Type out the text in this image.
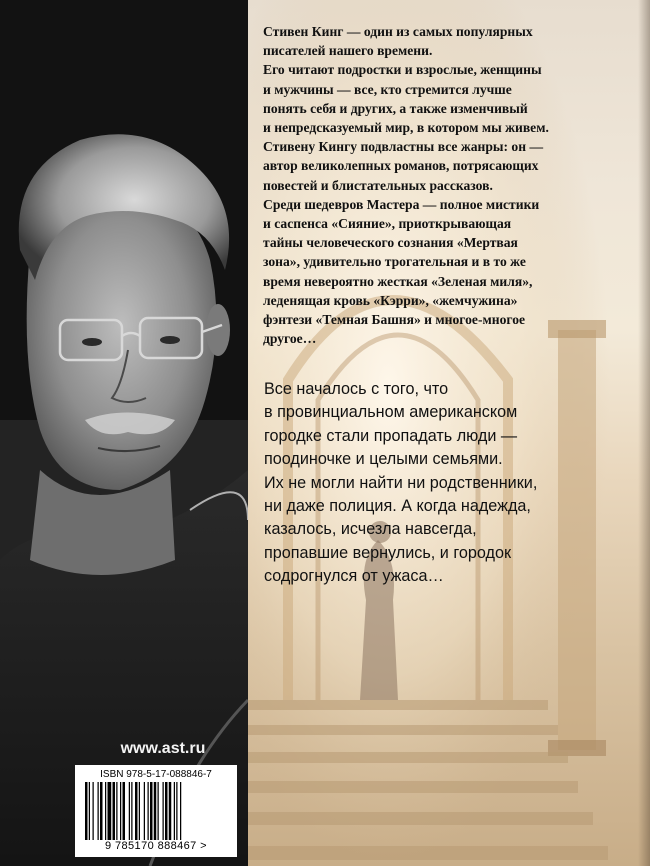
Стивен Кинг — один из самых популярных

писателей нашего времени.

Его читают подростки и взрослые, женщины

и мужчины — все, кто стремится лучше

понять себя и других, а также изменчивый

и непредсказуемый мир, в котором мы живем.

Стивену Кингу подвластны все жанры: он —

автор великолепных романов, потрясающих

повестей и блистательных рассказов.

Среди шедевров Мастера — полное мистики

и саспенса «Сияние», приоткрывающая

тайны человеческого сознания «Мертвая

зона», удивительно трогательная и в то же

время невероятно жесткая «Зеленая миля»,

леденящая кровь «Кэрри», «жемчужина»

фэнтези «Темная Башня» и многое-многое

другое…

Все началось с того, что
в провинциальном американском
городке стали пропадать люди —
поодиночке и целыми семьями.
Их не могли найти ни родственники,
ни даже полиция. А когда надежда,
казалось, исчезла навсегда,
пропавшие вернулись, и городок
содрогнулся от ужаса…
www.ast.ru
ISBN 978-5-17-088846-7
9 785170 888467 >
